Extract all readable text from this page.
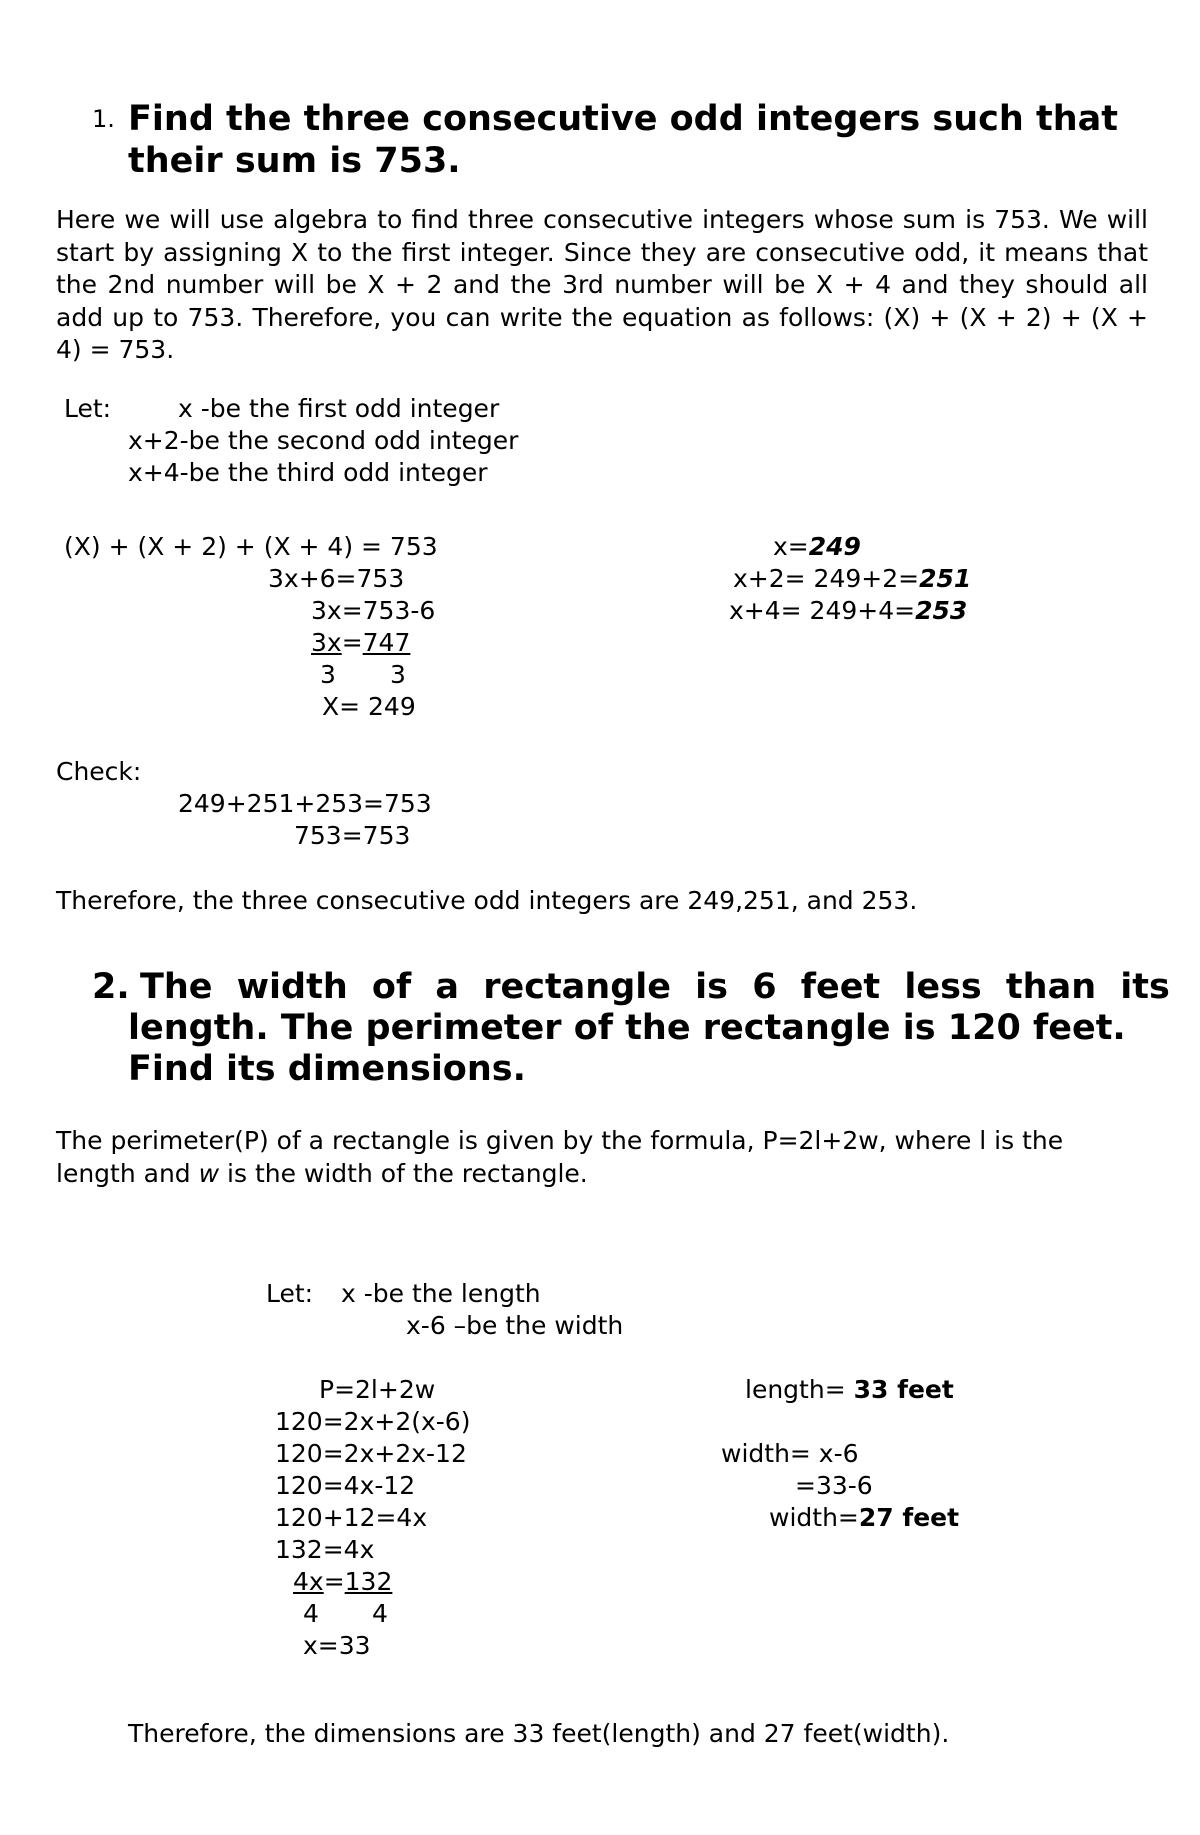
1. Find the three consecutive odd integers such that
their sum is 753.
Here we will use algebra to find three consecutive integers whose sum is 753. We will start by assigning X to the first integer. Since they are consecutive odd, it means that the 2nd number will be X + 2 and the 3rd number will be X + 4 and they should all add up to 753. Therefore, you can write the equation as follows: (X) + (X + 2) + (X + 4) = 753.
Let:	x -be the first odd integer
x+2-be the second odd integer
x+4-be the third odd integer
(X) + (X + 2) + (X + 4) = 753
3x+6=753
3x=753-6
3x=747
3 3
X= 249
x=249
x+2= 249+2=251
x+4= 249+4=253
Check:
249+251+253=753
753=753
Therefore, the three consecutive odd integers are 249,251, and 253.
2. The width of a rectangle is 6 feet less than its
length. The perimeter of the rectangle is 120 feet.
Find its dimensions.
The perimeter(P) of a rectangle is given by the formula, P=2l+2w, where l is the length and w is the width of the rectangle.
Let: x -be the length
x-6 –be the width
P=2l+2w
120=2x+2(x-6)
120=2x+2x-12
120=4x-12
120+12=4x
132=4x
4x=132
4 4
x=33
length= 33 feet
width= x-6
=33-6
width=27 feet
Therefore, the dimensions are 33 feet(length) and 27 feet(width).
